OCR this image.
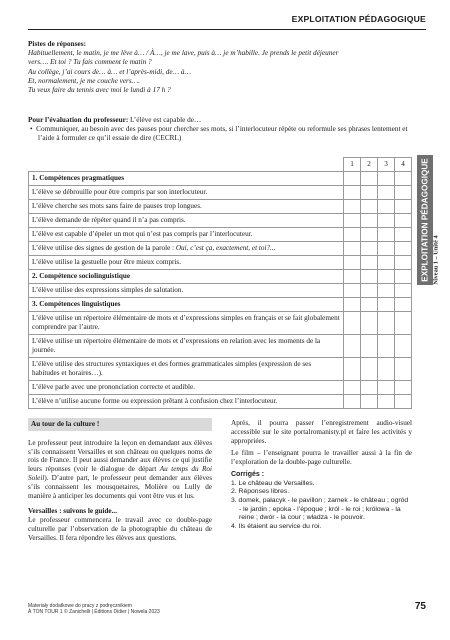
EXPLOITATION PÉDAGOGIQUE
Pistes de réponses:
Habituellement, le matin, je me lève à… / À…, je me lave, puis à… je m’habille. Je prends le petit déjeuner
vers…. Et toi ? Tu fais comment le matin ?
Au collège, j’ai cours de… à… et l’après-midi, de… à…
Et, normalement, je me couche vers….
Tu veux faire du tennis avec moi le lundi à 17 h ?
Pour l’évaluation du professeur: L’élève est capable de…
•  Communiquer, au besoin avec des pauses pour chercher ses mots, si l’interlocuteur répète ou reformule ses phrases lentement et l’aide à formuler ce qu’il essaie de dire (CECRL)
	1	2	3	4
1. Compétences pragmatiques				
L’élève se débrouille pour être compris par son interlocuteur.				
L’élève cherche ses mots sans faire de pauses trop longues.				
L’élève demande de répéter quand il n’a pas compris.				
L’élève est capable d’épeler un mot qui n’est pas compris par l’interlocuteur.				
L’élève utilise des signes de gestion de la parole : Oui, c’est ça, exactement, et toi?...				
L’élève utilise la gestuelle pour être mieux compris.				
2. Compétence sociolinguistique				
L’élève utilise des expressions simples de salutation.				
3. Compétences linguistiques				
L’élève utilise un répertoire élémentaire de mots et d’expressions simples en français et se fait globalement comprendre par l’autre.				
L’élève utilise un répertoire élémentaire de mots et d’expressions en relation avec les moments de la journée.				
L’élève utilise des structures syntaxiques et des formes grammaticales simples (expression de ses habitudes et horaires…).				
L’élève parle avec une prononciation correcte et audible.				
L’élève n’utilise aucune forme ou expression prêtant à confusion chez l’interlocuteur.				
EXPLOITATION PÉDAGOGIQUE Niveau 1 – Unité 4
Au tour de la culture !

Le professeur peut introduire la leçon en demandant aux élèves s’ils connaissent Versailles et son château ou quelques noms de rois de France. Il peut aussi demander aux élèves ce qui justifie leurs réponses (voir le dialogue de départ Au temps du Roi Soleil). D’autre part, le professeur peut demander aux élèves s’ils connaissent les mousquetaires, Molière ou Lully de manière à anticiper les documents qui vont être vus et lus.

Versailles : suivons le guide...

Le professeur commencera le travail avec ce double-page culturelle par l’observation de la photographie du château de Versailles. Il fera répondre les élèves aux questions.

Après, il pourra passer l’enregistrement audio-visuel accessible sur le site portalromanisty.pl et faire les activités y appropriées.

Le film – l’enseignant pourra le travailler aussi à la fin de l’exploration de la double-page culturelle.

Corrigés :
1. Le château de Versailles.
2. Réponses libres.
3. domek, pałacyk - le pavillon ; zamek - le château ; ogród - le jardin ; epoka - l’époque ; król - le roi ; królowa - la reine ; dwór - la cour ; władza - le pouvoir.
4. Ils étaient au service du roi.
Materiały dodatkowe do pracy z podręcznikiem
À TON TOUR 1 © Zanichelli | Éditions Didier | Nowela 2023
75
